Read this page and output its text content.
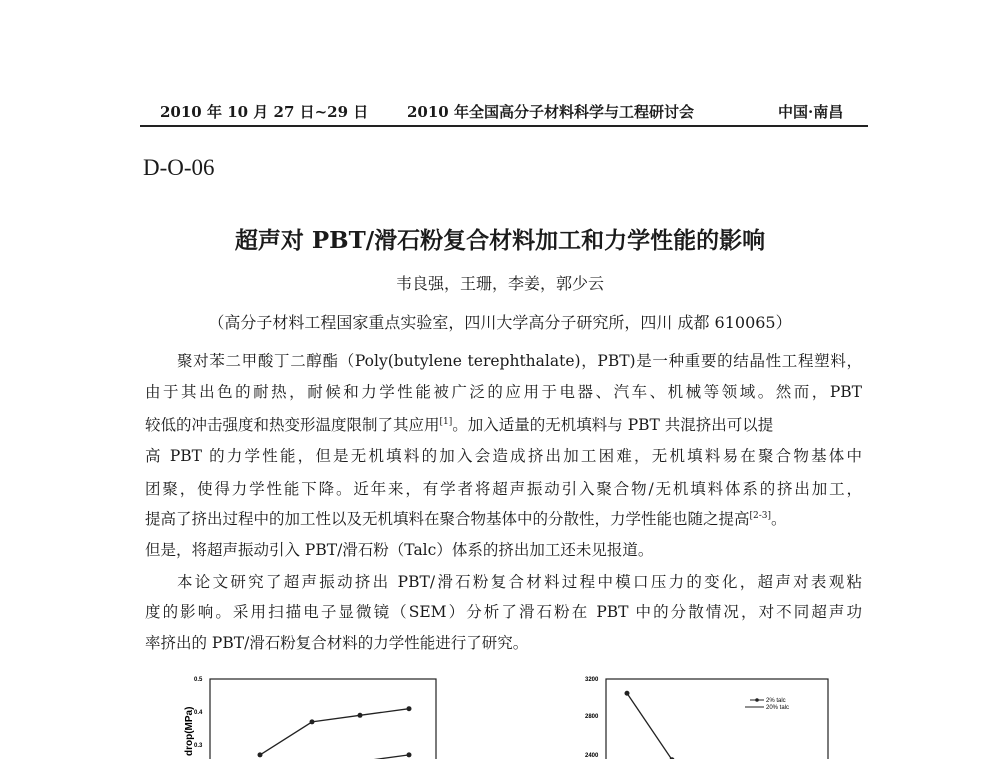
2010 年 10 月 27 日~29 日	2010 年全国高分子材料科学与工程研讨会	中国·南昌
D-O-06
超声对 PBT/滑石粉复合材料加工和力学性能的影响
韦良强，王珊，李姜，郭少云
（高分子材料工程国家重点实验室，四川大学高分子研究所，四川 成都 610065）
聚对苯二甲酸丁二醇酯（Poly(butylene terephthalate)，PBT)是一种重要的结晶性工程塑料，
由于其出色的耐热，耐候和力学性能被广泛的应用于电器、汽车、机械等领域。然而，PBT
较低的冲击强度和热变形温度限制了其应用[1]。加入适量的无机填料与 PBT 共混挤出可以提
高 PBT 的力学性能，但是无机填料的加入会造成挤出加工困难，无机填料易在聚合物基体中
团聚，使得力学性能下降。近年来，有学者将超声振动引入聚合物/无机填料体系的挤出加工，
提高了挤出过程中的加工性以及无机填料在聚合物基体中的分散性，力学性能也随之提高[2-3]。
但是，将超声振动引入 PBT/滑石粉（Talc）体系的挤出加工还未见报道。
本论文研究了超声振动挤出 PBT/滑石粉复合材料过程中模口压力的变化，超声对表观粘
度的影响。采用扫描电子显微镜（SEM）分析了滑石粉在 PBT 中的分散情况，对不同超声功
率挤出的 PBT/滑石粉复合材料的力学性能进行了研究。
0.5
0.4
0.3
drop(MPa)
3200
2800
2400
2% talc
20% talc
